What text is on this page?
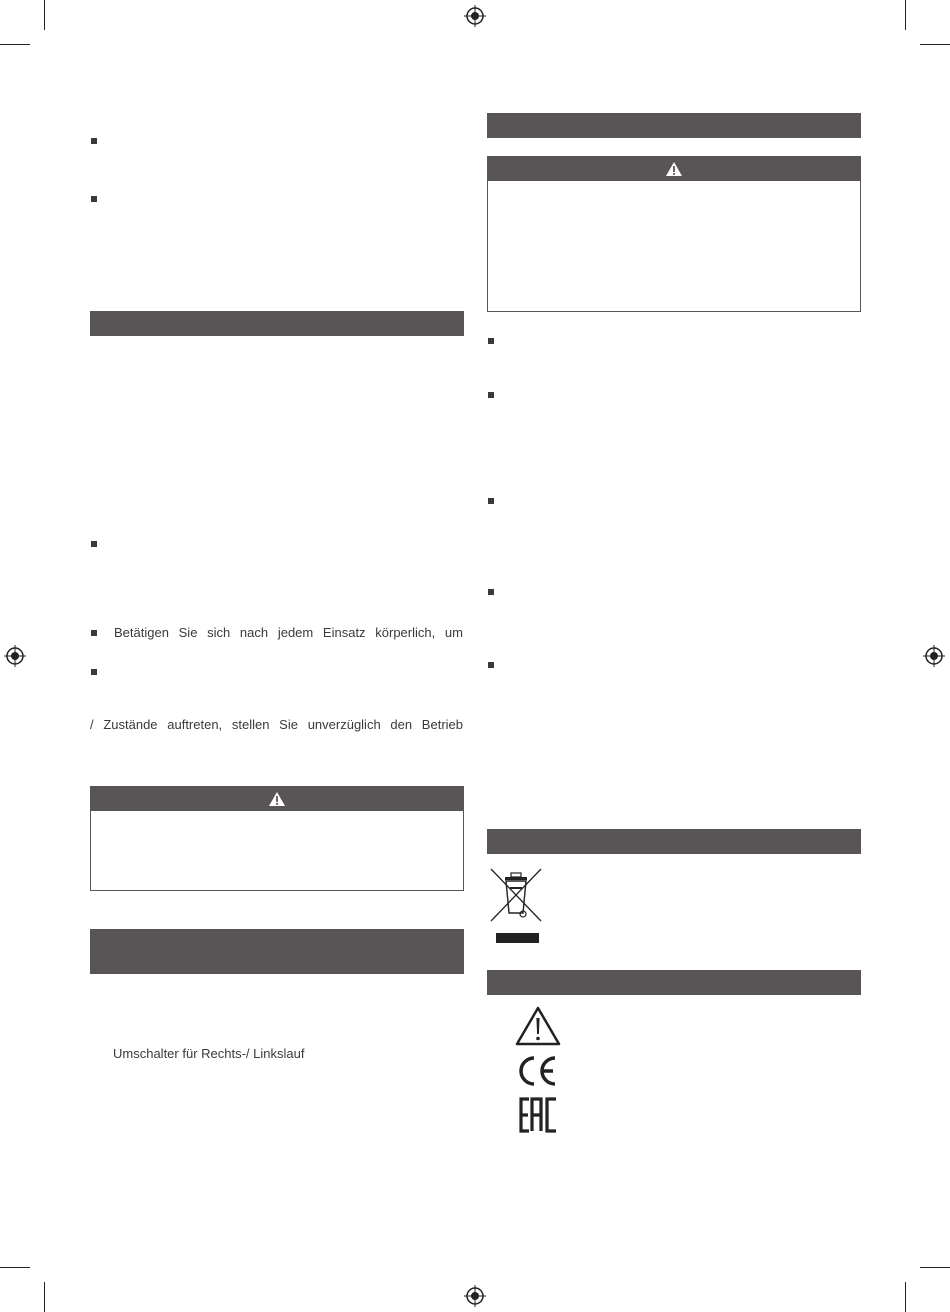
Betätigen Sie sich nach jedem Einsatz körperlich, um
/ Zustände auftreten, stellen Sie unverzüglich den Betrieb
Umschalter für Rechts-/ Linkslauf
